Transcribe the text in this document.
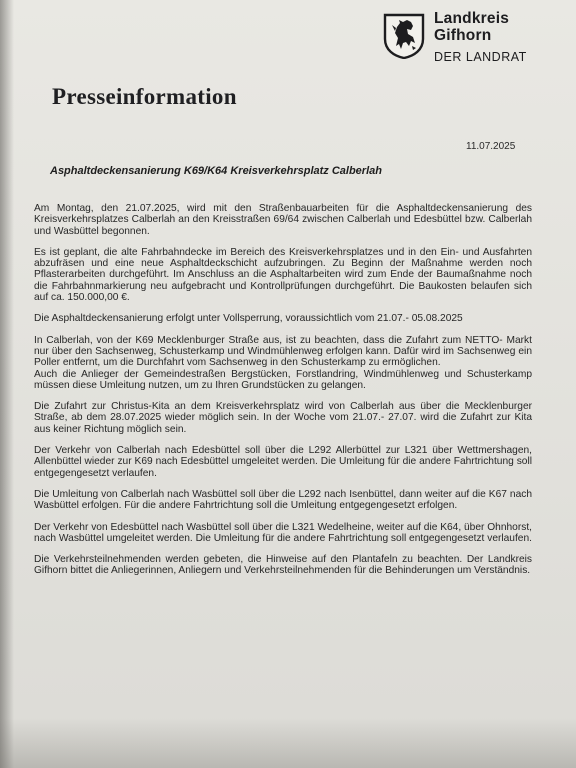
Landkreis
Gifhorn
DER LANDRAT
Presseinformation
11.07.2025
Asphaltdeckensanierung K69/K64 Kreisverkehrsplatz Calberlah

Am Montag, den 21.07.2025, wird mit den Straßenbauarbeiten für die Asphaltdeckensanierung des Kreisverkehrsplatzes Calberlah an den Kreisstraßen 69/64 zwischen Calberlah und Edesbüttel bzw. Calberlah und Wasbüttel begonnen.

Es ist geplant, die alte Fahrbahndecke im Bereich des Kreisverkehrsplatzes und in den Ein- und Ausfahrten abzufräsen und eine neue Asphaltdeckschicht aufzubringen. Zu Beginn der Maßnahme werden noch Pflasterarbeiten durchgeführt. Im Anschluss an die Asphaltarbeiten wird zum Ende der Baumaßnahme noch die Fahrbahnmarkierung neu aufgebracht und Kontrollprüfungen durchgeführt. Die Baukosten belaufen sich auf ca. 150.000,00 €.

Die Asphaltdeckensanierung erfolgt unter Vollsperrung, voraussichtlich vom 21.07.- 05.08.2025

In Calberlah, von der K69 Mecklenburger Straße aus, ist zu beachten, dass die Zufahrt zum NETTO- Markt nur über den Sachsenweg, Schusterkamp und Windmühlenweg erfolgen kann. Dafür wird im Sachsenweg ein Poller entfernt, um die Durchfahrt vom Sachsenweg in den Schusterkamp zu ermöglichen.

Auch die Anlieger der Gemeindestraßen Bergstücken, Forstlandring, Windmühlenweg und Schusterkamp müssen diese Umleitung nutzen, um zu Ihren Grundstücken zu gelangen.

Die Zufahrt zur Christus-Kita an dem Kreisverkehrsplatz wird von Calberlah aus über die Mecklenburger Straße, ab dem 28.07.2025 wieder möglich sein. In der Woche vom 21.07.- 27.07. wird die Zufahrt zur Kita aus keiner Richtung möglich sein.

Der Verkehr von Calberlah nach Edesbüttel soll über die L292 Allerbüttel zur L321 über Wettmershagen, Allenbüttel wieder zur K69 nach Edesbüttel umgeleitet werden. Die Umleitung für die andere Fahrtrichtung soll entgegengesetzt verlaufen.

Die Umleitung von Calberlah nach Wasbüttel soll über die L292 nach Isenbüttel, dann weiter auf die K67 nach Wasbüttel erfolgen. Für die andere Fahrtrichtung soll die Umleitung entgegengesetzt erfolgen.

Der Verkehr von Edesbüttel nach Wasbüttel soll über die L321 Wedelheine, weiter auf die K64, über Ohnhorst, nach Wasbüttel umgeleitet werden. Die Umleitung für die andere Fahrtrichtung soll entgegengesetzt verlaufen.

Die Verkehrsteilnehmenden werden gebeten, die Hinweise auf den Plantafeln zu beachten. Der Landkreis Gifhorn bittet die Anliegerinnen, Anliegern und Verkehrsteilnehmenden für die Behinderungen um Verständnis.
